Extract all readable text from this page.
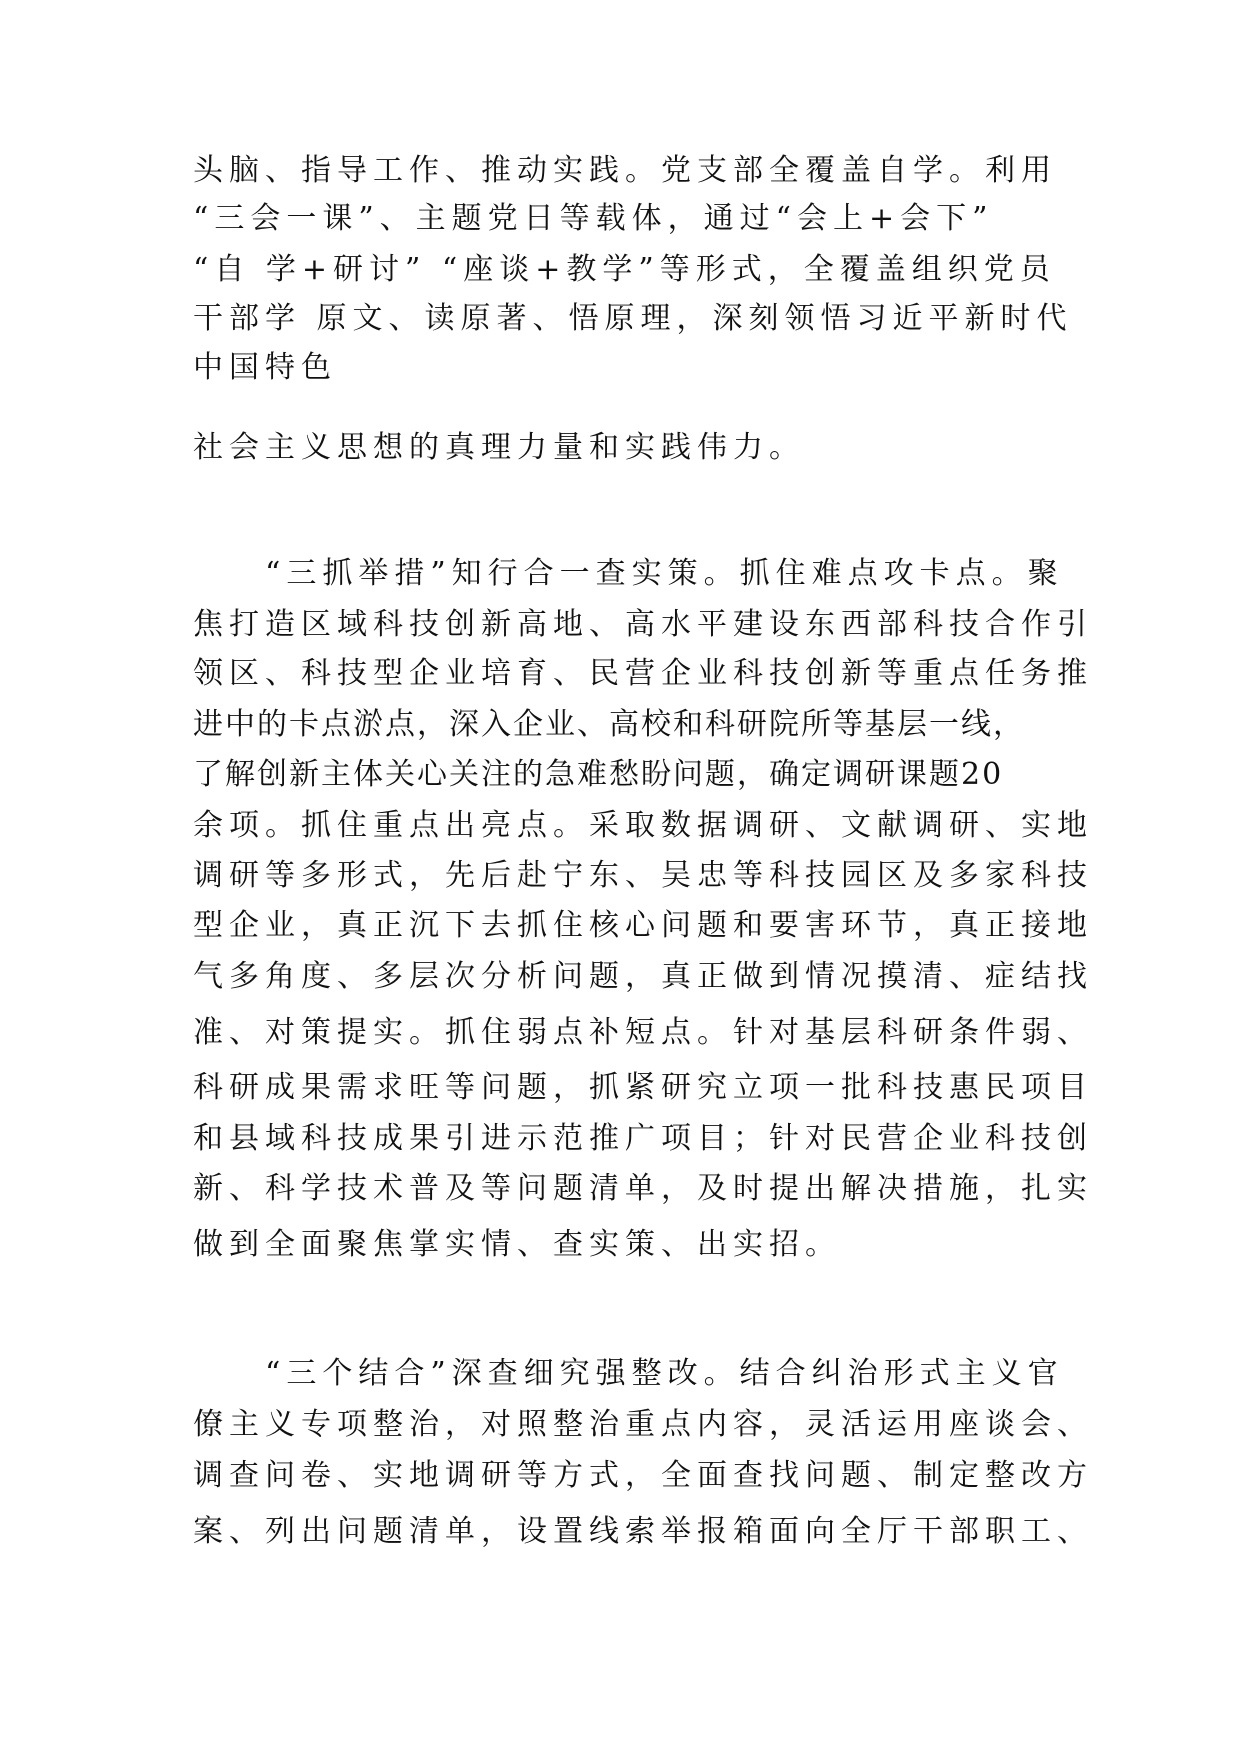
头脑、指导工作、推动实践。党支部全覆盖自学。利用
“三会一课”、主题党日等载体，通过“会上+会下”
“自 学+研讨” “座谈+教学”等形式，全覆盖组织党员
干部学 原文、读原著、悟原理，深刻领悟习近平新时代
中国特色
社会主义思想的真理力量和实践伟力。
“三抓举措”知行合一查实策。抓住难点攻卡点。聚
焦打造区域科技创新高地、高水平建设东西部科技合作引
领区、科技型企业培育、民营企业科技创新等重点任务推
进中的卡点淤点，深入企业、高校和科研院所等基层一线，
了解创新主体关心关注的急难愁盼问题，确定调研课题20
余项。抓住重点出亮点。采取数据调研、文献调研、实地
调研等多形式，先后赴宁东、吴忠等科技园区及多家科技
型企业，真正沉下去抓住核心问题和要害环节，真正接地
气多角度、多层次分析问题，真正做到情况摸清、症结找
准、对策提实。抓住弱点补短点。针对基层科研条件弱、
科研成果需求旺等问题，抓紧研究立项一批科技惠民项目
和县域科技成果引进示范推广项目；针对民营企业科技创
新、科学技术普及等问题清单，及时提出解决措施，扎实
做到全面聚焦掌实情、查实策、出实招。
“三个结合”深查细究强整改。结合纠治形式主义官
僚主义专项整治，对照整治重点内容，灵活运用座谈会、
调查问卷、实地调研等方式，全面查找问题、制定整改方
案、列出问题清单，设置线索举报箱面向全厅干部职工、
